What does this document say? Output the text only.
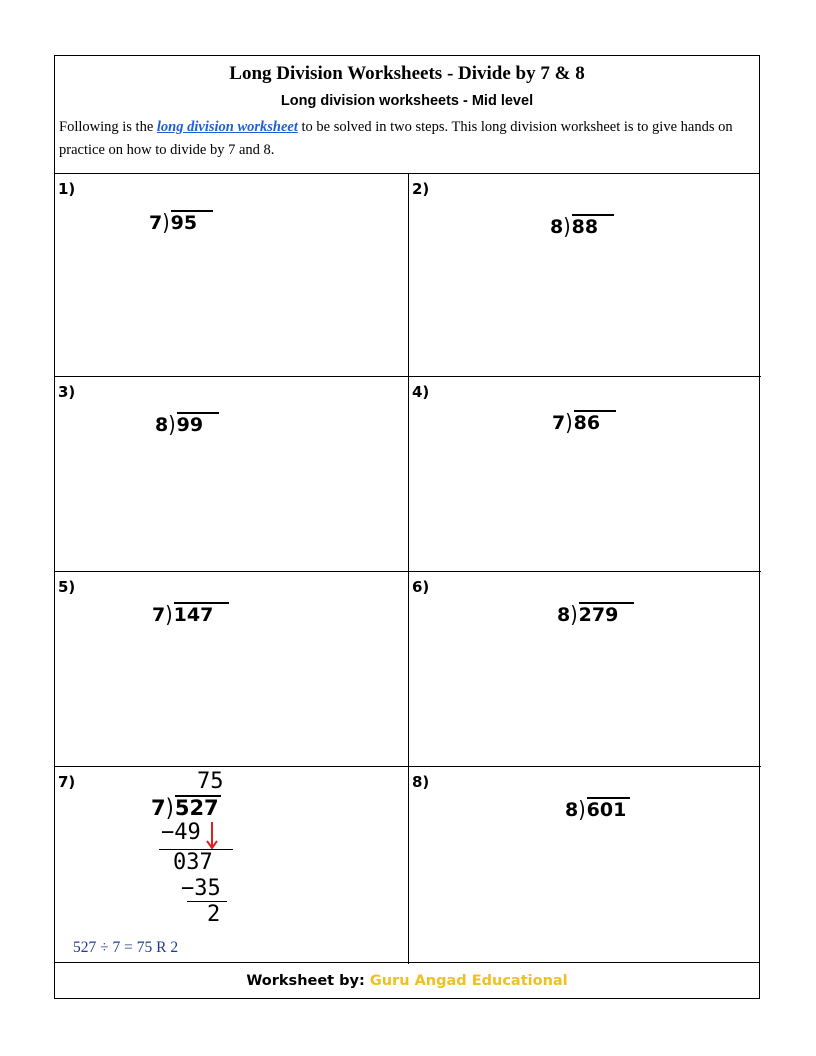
Long Division Worksheets - Divide by 7 & 8
Long division worksheets - Mid level
Following is the long division worksheet to be solved in two steps. This long division worksheet is to give hands on practice on how to divide by 7 and 8.
1)
7)95
2)
8)88
3)
8)99
4)
7)86
5)
7)147
6)
8)279
7)	75
7)527
−49
037
−35
2
527 ÷ 7 = 75 R 2
8)
8)601
Worksheet by: Guru Angad Educational
